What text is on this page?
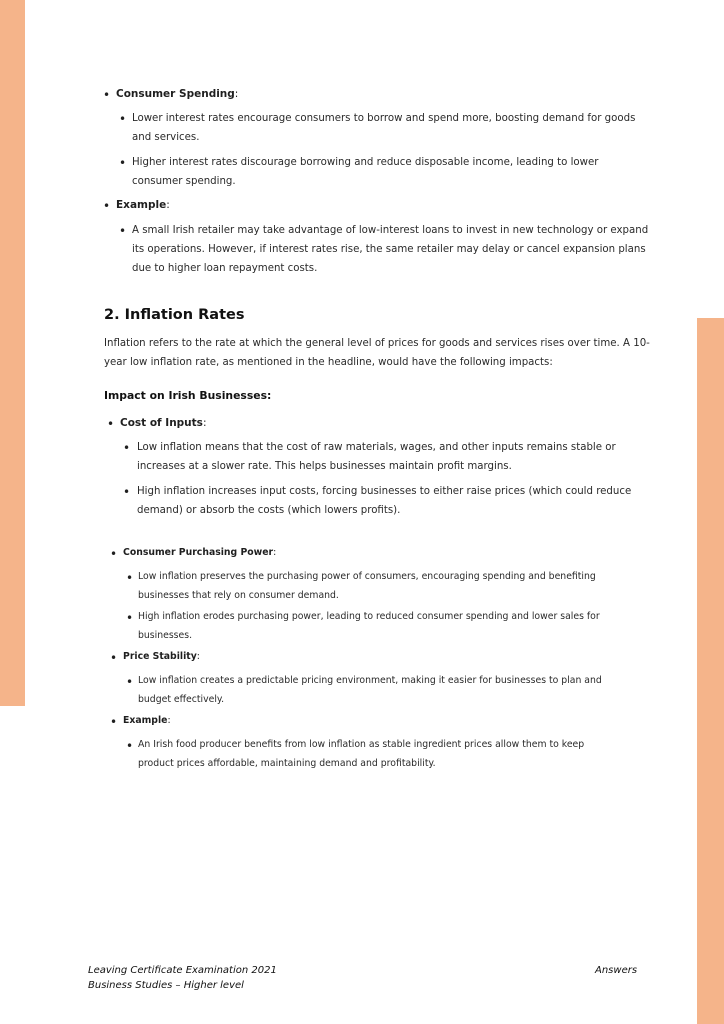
• Consumer Spending:

• Lower interest rates encourage consumers to borrow and spend more, boosting demand for goods
and services.

• Higher interest rates discourage borrowing and reduce disposable income, leading to lower
consumer spending.

• Example:

• A small Irish retailer may take advantage of low-interest loans to invest in new technology or expand
its operations. However, if interest rates rise, the same retailer may delay or cancel expansion plans
due to higher loan repayment costs.

2. Inflation Rates

Inflation refers to the rate at which the general level of prices for goods and services rises over time. A 10-
year low inflation rate, as mentioned in the headline, would have the following impacts:

Impact on Irish Businesses:
• Cost of Inputs:

• Low inflation means that the cost of raw materials, wages, and other inputs remains stable or
increases at a slower rate. This helps businesses maintain profit margins.

• High inflation increases input costs, forcing businesses to either raise prices (which could reduce
demand) or absorb the costs (which lowers profits).

• Consumer Purchasing Power:

• Low inflation preserves the purchasing power of consumers, encouraging spending and benefiting
businesses that rely on consumer demand.

• High inflation erodes purchasing power, leading to reduced consumer spending and lower sales for
businesses.

• Price Stability:

• Low inflation creates a predictable pricing environment, making it easier for businesses to plan and
budget effectively.

• Example:

• An Irish food producer benefits from low inflation as stable ingredient prices allow them to keep
product prices affordable, maintaining demand and profitability.

Leaving Certificate Examination 2021
Business Studies – Higher level
Answers
